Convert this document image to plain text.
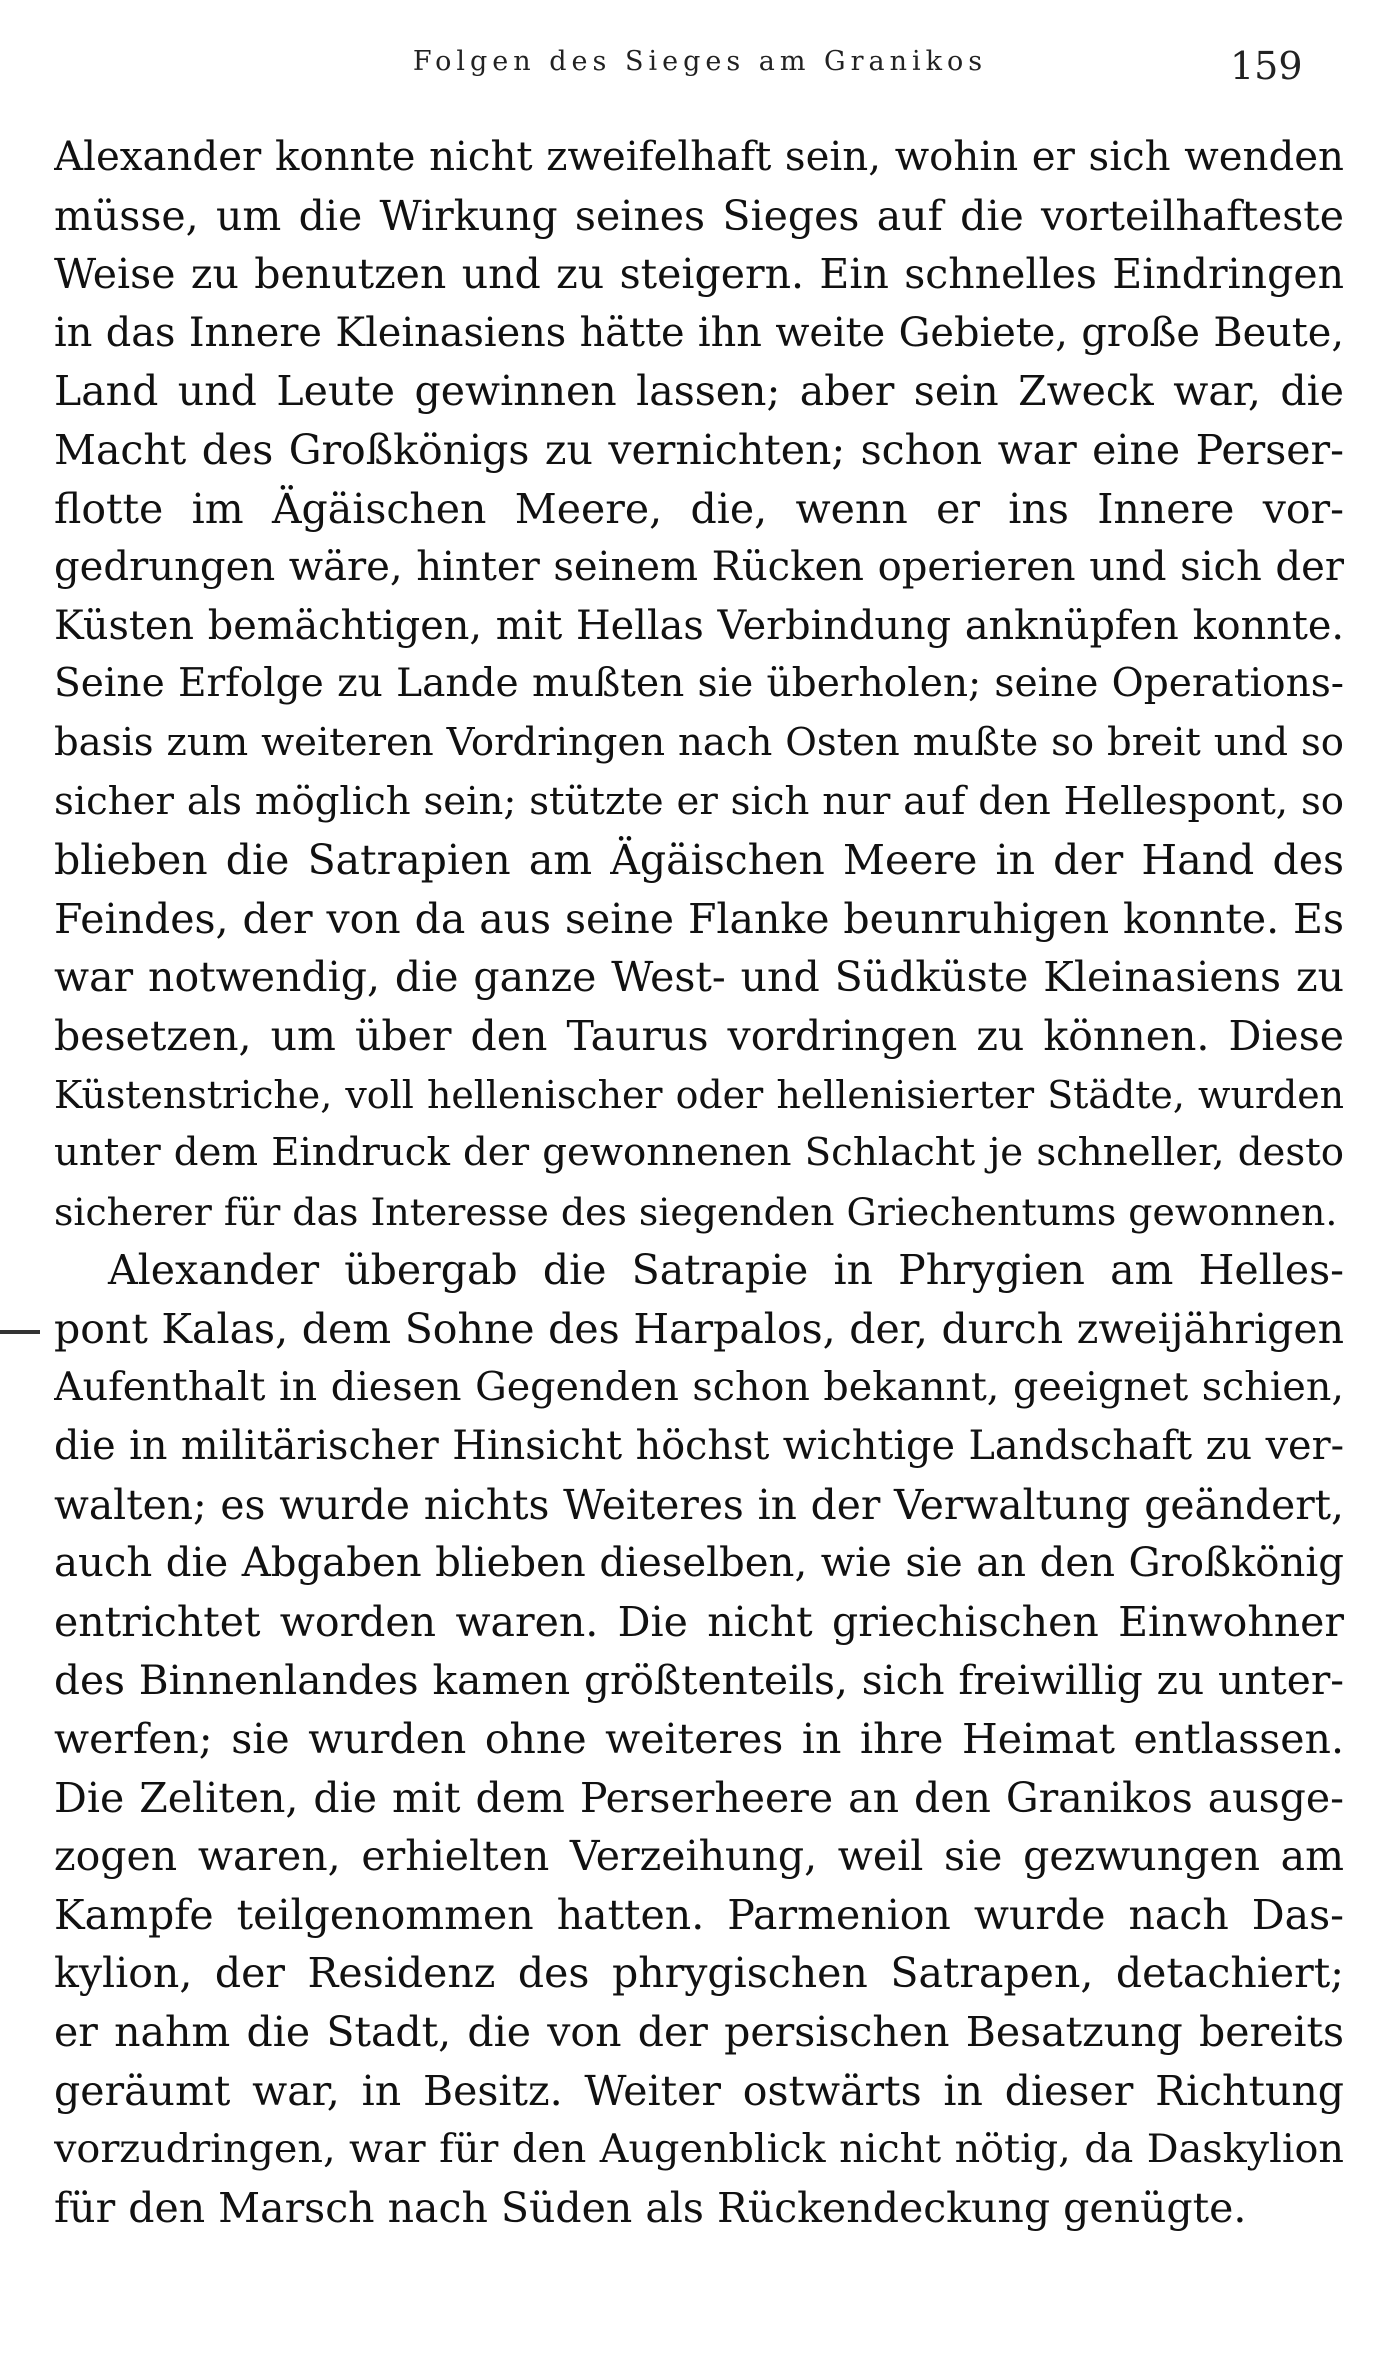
Folgen des Sieges am Granikos	159
Alexander konnte nicht zweifelhaft sein, wohin er sich wenden
müsse, um die Wirkung seines Sieges auf die vorteilhafteste
Weise zu benutzen und zu steigern. Ein schnelles Eindringen
in das Innere Kleinasiens hätte ihn weite Gebiete, große Beute,
Land und Leute gewinnen lassen; aber sein Zweck war, die
Macht des Großkönigs zu vernichten; schon war eine Perser-
flotte im Ägäischen Meere, die, wenn er ins Innere vor-
gedrungen wäre, hinter seinem Rücken operieren und sich der
Küsten bemächtigen, mit Hellas Verbindung anknüpfen konnte.
Seine Erfolge zu Lande mußten sie überholen; seine Operations-
basis zum weiteren Vordringen nach Osten mußte so breit und so
sicher als möglich sein; stützte er sich nur auf den Hellespont, so
blieben die Satrapien am Ägäischen Meere in der Hand des
Feindes, der von da aus seine Flanke beunruhigen konnte. Es
war notwendig, die ganze West- und Südküste Kleinasiens zu
besetzen, um über den Taurus vordringen zu können. Diese
Küstenstriche, voll hellenischer oder hellenisierter Städte, wurden
unter dem Eindruck der gewonnenen Schlacht je schneller, desto
sicherer für das Interesse des siegenden Griechentums gewonnen.
Alexander übergab die Satrapie in Phrygien am Helles-
pont Kalas, dem Sohne des Harpalos, der, durch zweijährigen
Aufenthalt in diesen Gegenden schon bekannt, geeignet schien,
die in militärischer Hinsicht höchst wichtige Landschaft zu ver-
walten; es wurde nichts Weiteres in der Verwaltung geändert,
auch die Abgaben blieben dieselben, wie sie an den Großkönig
entrichtet worden waren. Die nicht griechischen Einwohner
des Binnenlandes kamen größtenteils, sich freiwillig zu unter-
werfen; sie wurden ohne weiteres in ihre Heimat entlassen.
Die Zeliten, die mit dem Perserheere an den Granikos ausge-
zogen waren, erhielten Verzeihung, weil sie gezwungen am
Kampfe teilgenommen hatten. Parmenion wurde nach Das-
kylion, der Residenz des phrygischen Satrapen, detachiert;
er nahm die Stadt, die von der persischen Besatzung bereits
geräumt war, in Besitz. Weiter ostwärts in dieser Richtung
vorzudringen, war für den Augenblick nicht nötig, da Daskylion
für den Marsch nach Süden als Rückendeckung genügte.
